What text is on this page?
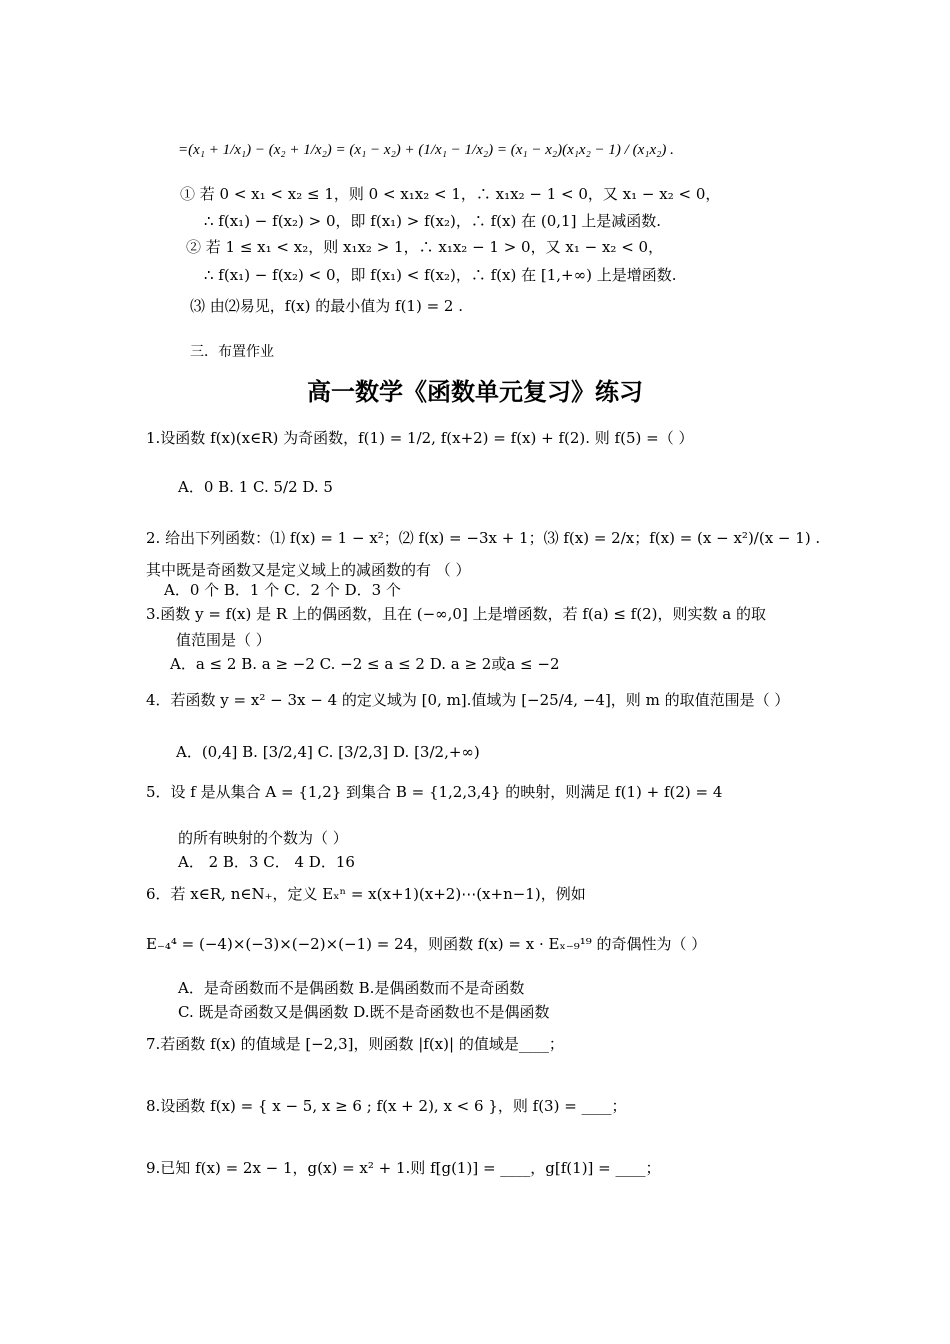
=(x₁ + 1/x₁) − (x₂ + 1/x₂) = (x₁ − x₂) + (1/x₁ − 1/x₂) = (x₁ − x₂)(x₁x₂ − 1) / (x₁x₂) .
① 若 0 < x₁ < x₂ ≤ 1，则 0 < x₁x₂ < 1，∴ x₁x₂ − 1 < 0，又 x₁ − x₂ < 0，
∴ f(x₁) − f(x₂) > 0，即 f(x₁) > f(x₂)，∴ f(x) 在 (0,1] 上是减函数.
② 若 1 ≤ x₁ < x₂，则 x₁x₂ > 1，∴ x₁x₂ − 1 > 0，又 x₁ − x₂ < 0，
∴ f(x₁) − f(x₂) < 0，即 f(x₁) < f(x₂)，∴ f(x) 在 [1,+∞) 上是增函数.
⑶ 由⑵易见，f(x) 的最小值为 f(1) = 2 .
三．布置作业
高一数学《函数单元复习》练习
1.设函数 f(x)(x∈R) 为奇函数，f(1) = 1/2, f(x+2) = f(x) + f(2). 则 f(5) =（ ）
A．0 B. 1 C. 5/2 D. 5
2. 给出下列函数：⑴ f(x) = 1 − x²；⑵ f(x) = −3x + 1；⑶ f(x) = 2/x；f(x) = (x − x²)/(x − 1) .
其中既是奇函数又是定义域上的减函数的有 （ ）
A．0 个 B．1 个 C．2 个 D．3 个
3.函数 y = f(x) 是 R 上的偶函数，且在 (−∞,0] 上是增函数，若 f(a) ≤ f(2)，则实数 a 的取
值范围是（ ）
A．a ≤ 2 B. a ≥ −2 C. −2 ≤ a ≤ 2 D. a ≥ 2或a ≤ −2
4．若函数 y = x² − 3x − 4 的定义域为 [0, m].值域为 [−25/4, −4]，则 m 的取值范围是（ ）
A．(0,4] B. [3/2,4] C. [3/2,3] D. [3/2,+∞)
5．设 f 是从集合 A = {1,2} 到集合 B = {1,2,3,4} 的映射，则满足 f(1) + f(2) = 4
的所有映射的个数为（ ）
A． 2 B．3 C． 4 D．16
6．若 x∈R, n∈N₊，定义 Eₓⁿ = x(x+1)(x+2)⋯(x+n−1)，例如
E₋₄⁴ = (−4)×(−3)×(−2)×(−1) = 24，则函数 f(x) = x · Eₓ₋₉¹⁹ 的奇偶性为（ ）
A．是奇函数而不是偶函数 B.是偶函数而不是奇函数
C. 既是奇函数又是偶函数 D.既不是奇函数也不是偶函数
7.若函数 f(x) 的值域是 [−2,3]，则函数 |f(x)| 的值域是____；
8.设函数 f(x) = { x − 5, x ≥ 6 ; f(x + 2), x < 6 }，则 f(3) = ____；
9.已知 f(x) = 2x − 1，g(x) = x² + 1.则 f[g(1)] = ____，g[f(1)] = ____；
